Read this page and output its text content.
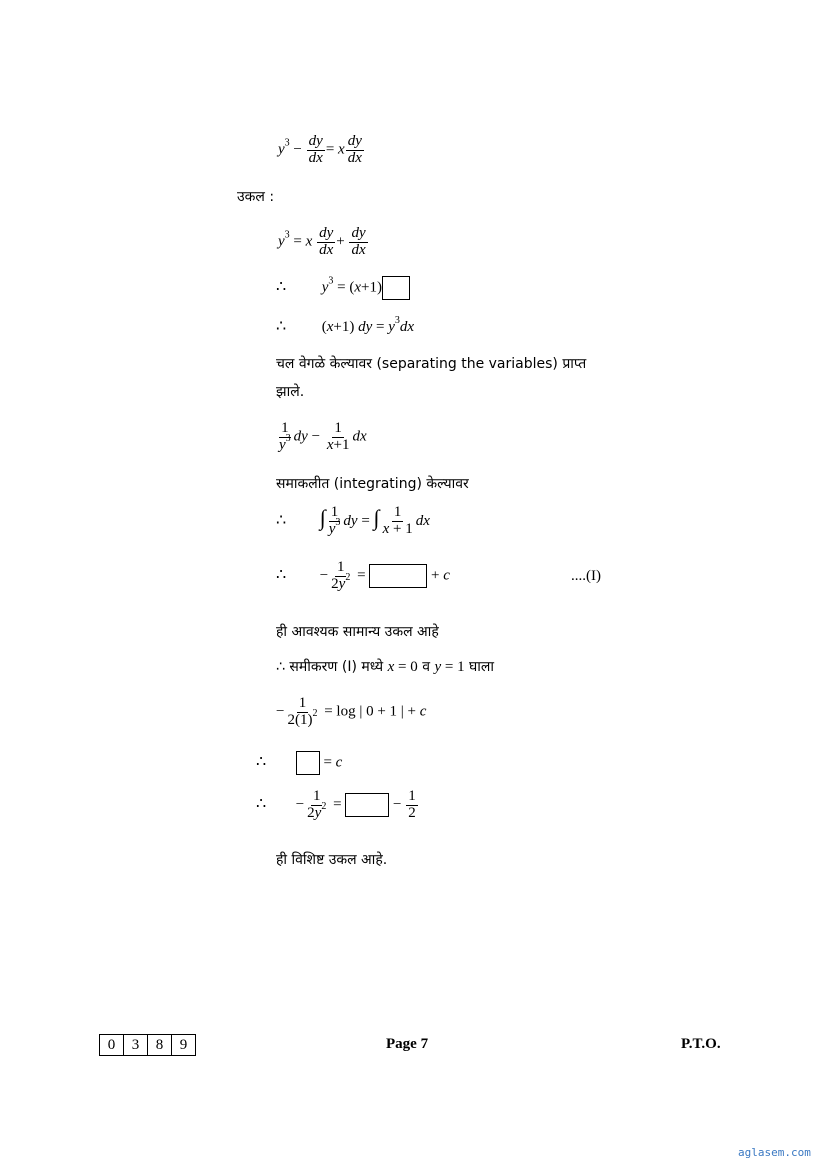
$y^3 - \frac{dy}{dx} = x \frac{dy}{dx}$
उकल :
$y^3 = x \frac{dy}{dx} + \frac{dy}{dx}$
∴ $y^3 = (x+1)$
∴  (x+1) dy = $y^3dx$
चल वेगळे केल्यावर (separating the variables) प्राप्त
झाले.
$\frac{1}{y^3}$ dy − $\frac{1}{x+1}$ dx
समाकलीत (integrating) केल्यावर
∴ ∫ $\frac{1}{y^3}$ dy = ∫ $\frac{1}{x + 1}$ dx
∴  − $\frac{1}{2y^2}$ =	+ c	....(I)
ही आवश्यक सामान्य उकल आहे
∴ समीकरण (I) मध्ये x = 0 व y = 1 घाला
− $\frac{1}{2(1)^2} = \log$ | 0 + 1 | + c
∴	= c
∴  − $\frac{1}{2y^2}$ =	− $\frac{1}{2}$
ही विशिष्ट उकल आहे.
0	3	8	9	Page 7	P.T.O.
aglasem.com
